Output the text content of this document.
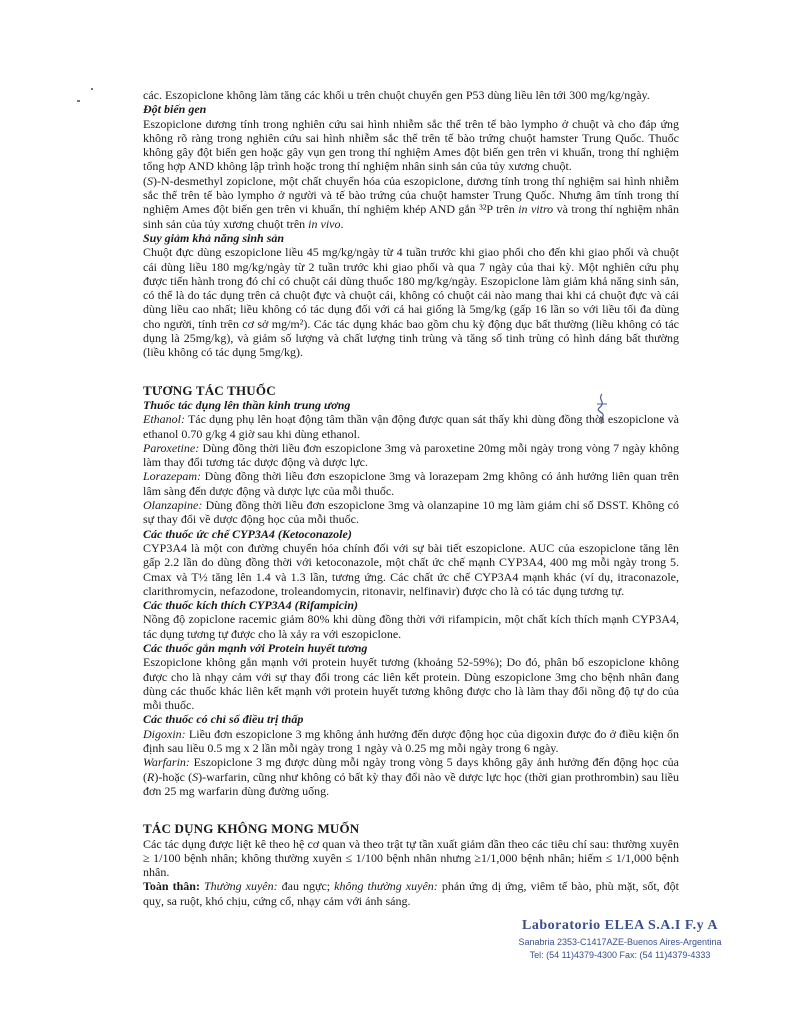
các. Eszopiclone không làm tăng các khối u trên chuột chuyển gen P53 dùng liều lên tới 300 mg/kg/ngày.

Đột biến gen

Eszopiclone dương tính trong nghiên cứu sai hình nhiễm sắc thể trên tế bào lympho ở chuột và cho đáp ứng không rõ ràng trong nghiên cứu sai hình nhiễm sắc thể trên tế bào trứng chuột hamster Trung Quốc. Thuốc không gây đột biến gen hoặc gây vụn gen trong thí nghiệm Ames đột biến gen trên vi khuẩn, trong thí nghiệm tổng hợp AND không lập trình hoặc trong thí nghiệm nhân sinh sản của tủy xương chuột.

(S)-N-desmethyl zopiclone, một chất chuyển hóa của eszopiclone, dương tính trong thí nghiệm sai hình nhiễm sắc thể trên tế bào lympho ở người và tế bào trứng của chuột hamster Trung Quốc. Nhưng âm tính trong thí nghiệm Ames đột biến gen trên vi khuẩn, thí nghiệm khép AND gắn ³²P trên in vitro và trong thí nghiệm nhân sinh sản của tủy xương chuột trên in vivo.

Suy giảm khả năng sinh sản

Chuột đực dùng eszopiclone liều 45 mg/kg/ngày từ 4 tuần trước khi giao phối cho đến khi giao phối và chuột cái dùng liều 180 mg/kg/ngày từ 2 tuần trước khi giao phối và qua 7 ngày của thai kỳ. Một nghiên cứu phụ được tiến hành trong đó chỉ có chuột cái dùng thuốc 180 mg/kg/ngày. Eszopiclone làm giảm khả năng sinh sản, có thể là do tác dụng trên cả chuột đực và chuột cái, không có chuột cái nào mang thai khi cả chuột đực và cái dùng liều cao nhất; liều không có tác dụng đối với cả hai giống là 5mg/kg (gấp 16 lần so với liều tối đa dùng cho người, tính trên cơ sở mg/m²). Các tác dụng khác bao gồm chu kỳ động dục bất thường (liều không có tác dụng là 25mg/kg), và giảm số lượng và chất lượng tinh trùng và tăng số tinh trùng có hình dáng bất thường (liều không có tác dụng 5mg/kg).

TƯƠNG TÁC THUỐC

Thuốc tác dụng lên thần kinh trung ương

Ethanol: Tác dụng phụ lên hoạt động tâm thần vận động được quan sát thấy khi dùng đồng thời eszopiclone và ethanol 0.70 g/kg 4 giờ sau khi dùng ethanol.

Paroxetine: Dùng đồng thời liều đơn eszopiclone 3mg và paroxetine 20mg mỗi ngày trong vòng 7 ngày không làm thay đổi tương tác dược động và dược lực.

Lorazepam: Dùng đồng thời liều đơn eszopiclone 3mg và lorazepam 2mg không có ảnh hưởng liên quan trên lâm sàng đến dược động và dược lực của mỗi thuốc.

Olanzapine: Dùng đồng thời liều đơn eszopiclone 3mg và olanzapine 10 mg làm giảm chỉ số DSST. Không có sự thay đổi về dược động học của mỗi thuốc.

Các thuốc ức chế CYP3A4 (Ketoconazole)

CYP3A4 là một con đường chuyển hóa chính đối với sự bài tiết eszopiclone. AUC của eszopiclone tăng lên gấp 2.2 lần do dùng đồng thời với ketoconazole, một chất ức chế mạnh CYP3A4, 400 mg mỗi ngày trong 5. Cmax và T½ tăng lên 1.4 và 1.3 lần, tương ứng. Các chất ức chế CYP3A4 mạnh khác (ví dụ, itraconazole, clarithromycin, nefazodone, troleandomycin, ritonavir, nelfinavir) được cho là có tác dụng tương tự.

Các thuốc kích thích CYP3A4 (Rifampicin)

Nồng độ zopiclone racemic giảm 80% khi dùng đồng thời với rifampicin, một chất kích thích mạnh CYP3A4, tác dụng tương tự được cho là xảy ra với eszopiclone.

Các thuốc gắn mạnh với Protein huyết tương

Eszopiclone không gắn mạnh với protein huyết tương (khoảng 52-59%); Do đó, phân bố eszopiclone không được cho là nhạy cảm với sự thay đổi trong các liên kết protein. Dùng eszopiclone 3mg cho bệnh nhân đang dùng các thuốc khác liên kết mạnh với protein huyết tương không được cho là làm thay đổi nồng độ tự do của mỗi thuốc.

Các thuốc có chỉ số điều trị thấp

Digoxin: Liều đơn eszopiclone 3 mg không ảnh hưởng đến dược động học của digoxin được đo ở điều kiện ổn định sau liều 0.5 mg x 2 lần mỗi ngày trong 1 ngày và 0.25 mg mỗi ngày trong 6 ngày.

Warfarin: Eszopiclone 3 mg được dùng mỗi ngày trong vòng 5 days không gây ảnh hưởng đến động học của (R)-hoặc (S)-warfarin, cũng như không có bất kỳ thay đổi nào về dược lực học (thời gian prothrombin) sau liều đơn 25 mg warfarin dùng đường uống.

TÁC DỤNG KHÔNG MONG MUỐN

Các tác dụng được liệt kê theo hệ cơ quan và theo trật tự tần xuất giảm dần theo các tiêu chí sau: thường xuyên ≥ 1/100 bệnh nhân; không thường xuyên ≤ 1/100 bệnh nhân nhưng ≥1/1,000 bệnh nhân; hiếm ≤ 1/1,000 bệnh nhân.

Toàn thân: Thường xuyên: đau ngực; không thường xuyên: phản ứng dị ứng, viêm tế bào, phù mặt, sốt, đột quỵ, sa ruột, khó chịu, cứng cổ, nhạy cảm với ánh sáng.

Laboratorio ELEA S.A.I F.y A
Sanabria 2353-C1417AZE-Buenos Aires-Argentina
Tel: (54 11)4379-4300 Fax: (54 11)4379-4333
